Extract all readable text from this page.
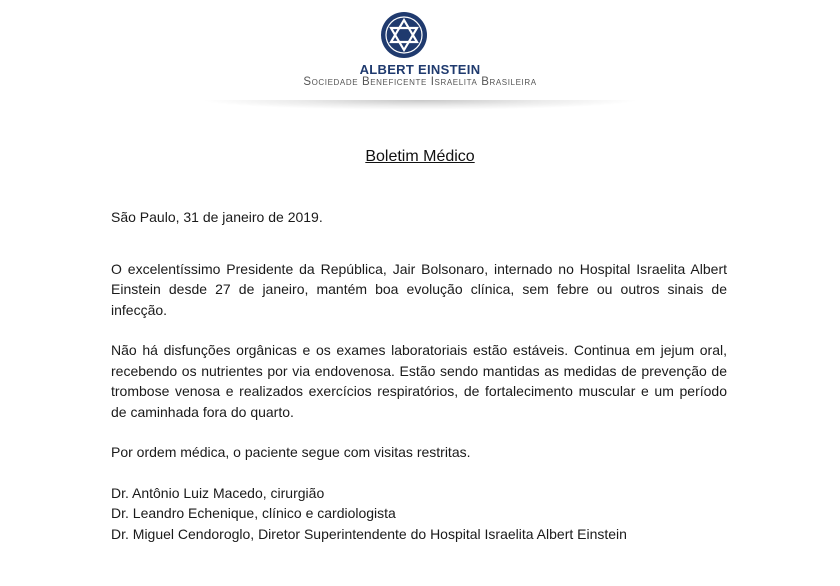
ALBERT EINSTEIN
Sociedade Beneficente Israelita Brasileira
Boletim Médico

São Paulo, 31 de janeiro de 2019.

O excelentíssimo Presidente da República, Jair Bolsonaro, internado no Hospital Israelita Albert Einstein desde 27 de janeiro, mantém boa evolução clínica, sem febre ou outros sinais de infecção.

Não há disfunções orgânicas e os exames laboratoriais estão estáveis. Continua em jejum oral, recebendo os nutrientes por via endovenosa. Estão sendo mantidas as medidas de prevenção de trombose venosa e realizados exercícios respiratórios, de fortalecimento muscular e um período de caminhada fora do quarto.

Por ordem médica, o paciente segue com visitas restritas.

Dr. Antônio Luiz Macedo, cirurgião

Dr. Leandro Echenique, clínico e cardiologista

Dr. Miguel Cendoroglo, Diretor Superintendente do Hospital Israelita Albert Einstein
